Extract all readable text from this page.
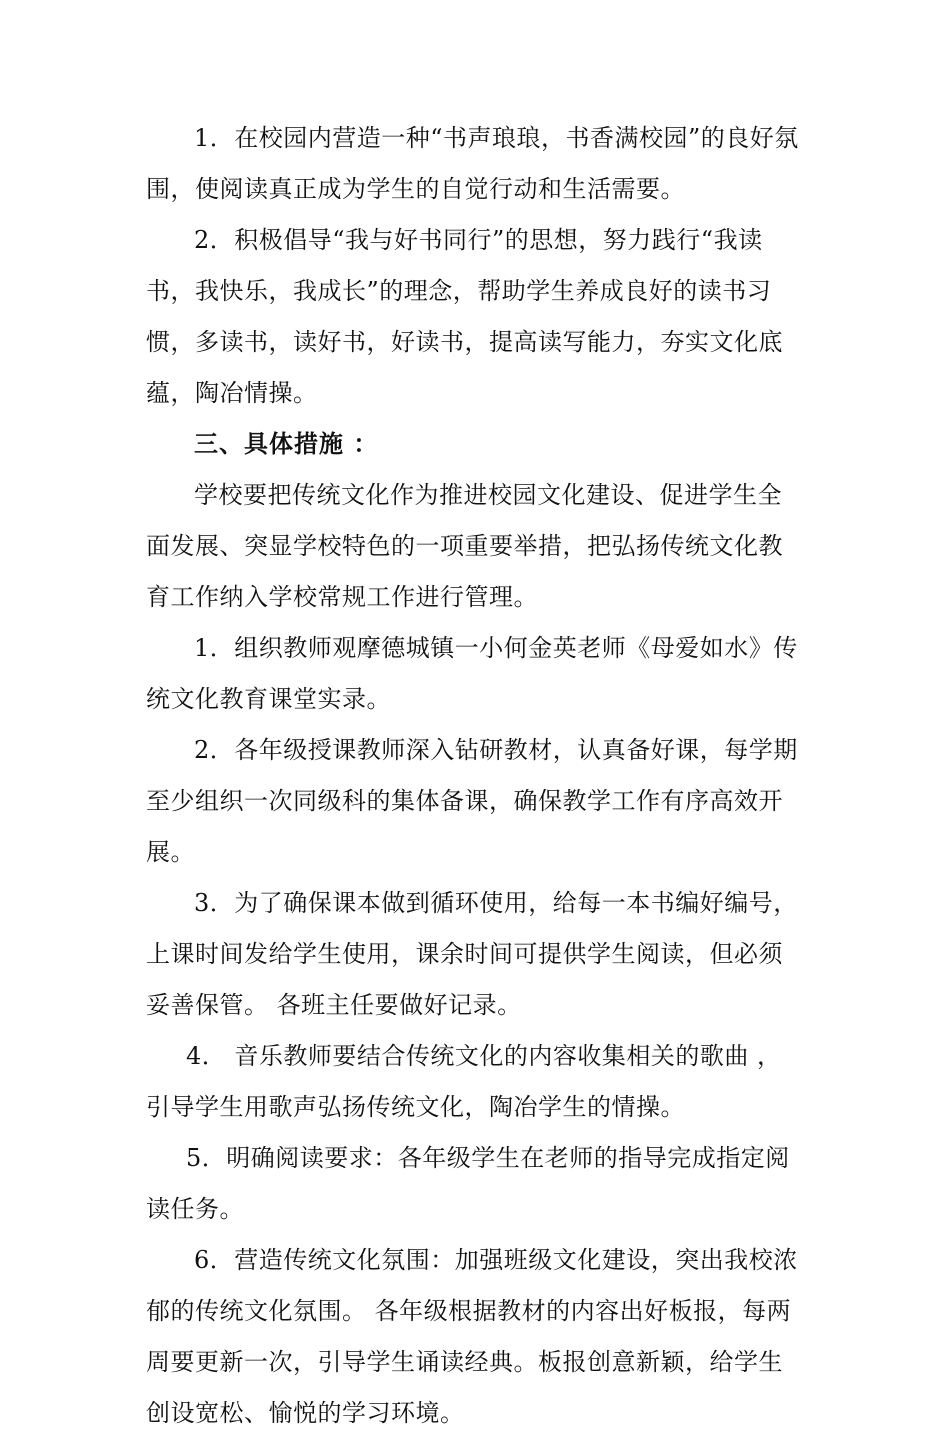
1．在校园内营造一种“书声琅琅，书香满校园”的良好氛围，使阅读真正成为学生的自觉行动和生活需要。

2．积极倡导“我与好书同行”的思想，努力践行“我读书，我快乐，我成长”的理念，帮助学生养成良好的读书习惯，多读书，读好书，好读书，提高读写能力，夯实文化底蕴，陶冶情操。

三、具体措施 ：

学校要把传统文化作为推进校园文化建设、促进学生全面发展、突显学校特色的一项重要举措，把弘扬传统文化教育工作纳入学校常规工作进行管理。

1．组织教师观摩德城镇一小何金英老师《母爱如水》传统文化教育课堂实录。

2．各年级授课教师深入钻研教材，认真备好课，每学期至少组织一次同级科的集体备课，确保教学工作有序高效开展。

3．为了确保课本做到循环使用，给每一本书编好编号，上课时间发给学生使用，课余时间可提供学生阅读，但必须妥善保管。 各班主任要做好记录。

4． 音乐教师要结合传统文化的内容收集相关的歌曲 ，引导学生用歌声弘扬传统文化，陶冶学生的情操。

5．明确阅读要求：各年级学生在老师的指导完成指定阅读任务。

6．营造传统文化氛围：加强班级文化建设，突出我校浓郁的传统文化氛围。 各年级根据教材的内容出好板报，每两周要更新一次，引导学生诵读经典。板报创意新颖，给学生创设宽松、愉悦的学习环境。
